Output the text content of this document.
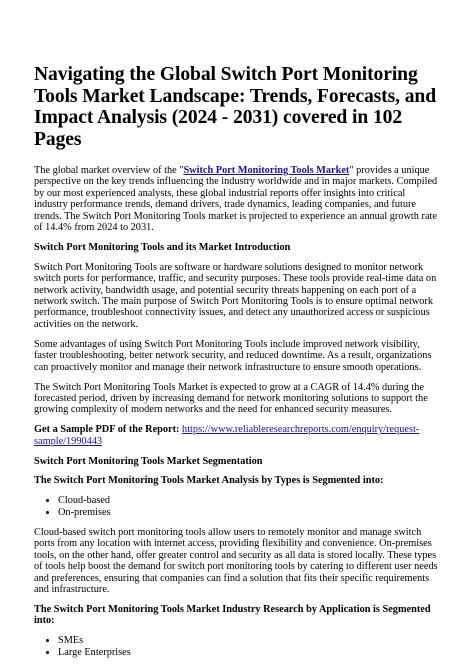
Navigating the Global Switch Port Monitoring Tools Market Landscape: Trends, Forecasts, and Impact Analysis (2024 - 2031) covered in 102 Pages

The global market overview of the "Switch Port Monitoring Tools Market" provides a unique perspective on the key trends influencing the industry worldwide and in major markets. Compiled by our most experienced analysts, these global industrial reports offer insights into critical industry performance trends, demand drivers, trade dynamics, leading companies, and future trends. The Switch Port Monitoring Tools market is projected to experience an annual growth rate of 14.4% from 2024 to 2031.

Switch Port Monitoring Tools and its Market Introduction

Switch Port Monitoring Tools are software or hardware solutions designed to monitor network switch ports for performance, traffic, and security purposes. These tools provide real-time data on network activity, bandwidth usage, and potential security threats happening on each port of a network switch. The main purpose of Switch Port Monitoring Tools is to ensure optimal network performance, troubleshoot connectivity issues, and detect any unauthorized access or suspicious activities on the network.

Some advantages of using Switch Port Monitoring Tools include improved network visibility, faster troubleshooting, better network security, and reduced downtime. As a result, organizations can proactively monitor and manage their network infrastructure to ensure smooth operations.

The Switch Port Monitoring Tools Market is expected to grow at a CAGR of 14.4% during the forecasted period, driven by increasing demand for network monitoring solutions to support the growing complexity of modern networks and the need for enhanced security measures.

Get a Sample PDF of the Report: https://www.reliableresearchreports.com/enquiry/request-sample/1990443

Switch Port Monitoring Tools Market Segmentation

The Switch Port Monitoring Tools Market Analysis by Types is Segmented into:

• Cloud-based
• On-premises

Cloud-based switch port monitoring tools allow users to remotely monitor and manage switch ports from any location with internet access, providing flexibility and convenience. On-premises tools, on the other hand, offer greater control and security as all data is stored locally. These types of tools help boost the demand for switch port monitoring tools by catering to different user needs and preferences, ensuring that companies can find a solution that fits their specific requirements and infrastructure.

The Switch Port Monitoring Tools Market Industry Research by Application is Segmented into:

• SMEs
• Large Enterprises
